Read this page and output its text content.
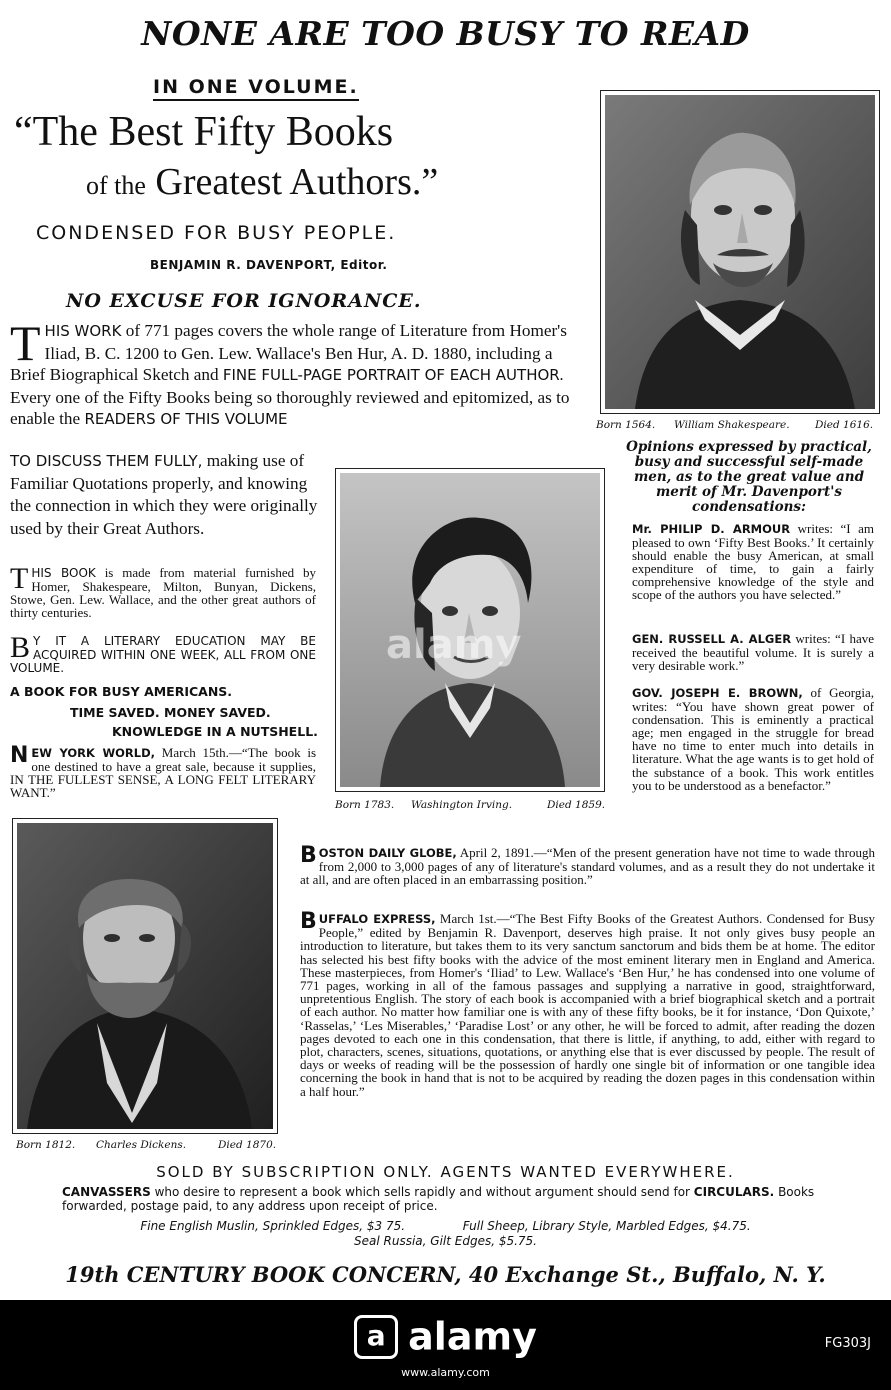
NONE ARE TOO BUSY TO READ
IN ONE VOLUME.
“The Best Fifty Books
of the Greatest Authors.”
CONDENSED FOR BUSY PEOPLE.
BENJAMIN R. DAVENPORT, Editor.
NO EXCUSE FOR IGNORANCE.
THIS WORK of 771 pages covers the whole range of Literature from Homer's Iliad, B. C. 1200 to Gen. Lew. Wallace's Ben Hur, A. D. 1880, including a Brief Biographical Sketch and FINE FULL-PAGE PORTRAIT OF EACH AUTHOR. Every one of the Fifty Books being so thoroughly reviewed and epitomized, as to enable the READERS OF THIS VOLUME
TO DISCUSS THEM FULLY, making use of Familiar Quotations properly, and knowing the connection in which they were originally used by their Great Authors.
THIS BOOK is made from material furnished by Homer, Shakespeare, Milton, Bunyan, Dickens, Stowe, Gen. Lew. Wallace, and the other great authors of thirty centuries.
B Y IT A LITERARY EDUCATION MAY BE ACQUIRED WITHIN ONE WEEK, ALL FROM ONE VOLUME.
A BOOK FOR BUSY AMERICANS.
TIME SAVED. MONEY SAVED.
KNOWLEDGE IN A NUTSHELL.
NEW YORK WORLD, March 15th.—“The book is one destined to have a great sale, because it supplies, IN THE FULLEST SENSE, A LONG FELT LITERARY WANT.”
Born 1564. William Shakespeare. Died 1616.
alamy
Born 1783. Washington Irving.	Died 1859.
Born 1812. Charles Dickens.	Died 1870.
Opinions expressed by practical, busy and successful self-made men, as to the great value and merit of Mr. Davenport's condensations:
Mr. PHILIP D. ARMOUR writes: “I am pleased to own ‘Fifty Best Books.’ It certainly should enable the busy American, at small expenditure of time, to gain a fairly comprehensive knowledge of the style and scope of the authors you have selected.”
GEN. RUSSELL A. ALGER writes: “I have received the beautiful volume. It is surely a very desirable work.”
GOV. JOSEPH E. BROWN, of Georgia, writes: “You have shown great power of condensation. This is eminently a practical age; men engaged in the struggle for bread have no time to enter much into details in literature. What the age wants is to get hold of the substance of a book. This work entitles you to be understood as a benefactor.”
BOSTON DAILY GLOBE, April 2, 1891.—“Men of the present generation have not time to wade through from 2,000 to 3,000 pages of any of literature's standard volumes, and as a result they do not undertake it at all, and are often placed in an embarrassing position.”
BUFFALO EXPRESS, March 1st.—“The Best Fifty Books of the Greatest Authors. Condensed for Busy People,” edited by Benjamin R. Davenport, deserves high praise. It not only gives busy people an introduction to literature, but takes them to its very sanctum sanctorum and bids them be at home. The editor has selected his best fifty books with the advice of the most eminent literary men in England and America. These masterpieces, from Homer's ‘Iliad’ to Lew. Wallace's ‘Ben Hur,’ he has condensed into one volume of 771 pages, working in all of the famous passages and supplying a narrative in good, straightforward, unpretentious English. The story of each book is accompanied with a brief biographical sketch and a portrait of each author. No matter how familiar one is with any of these fifty books, be it for instance, ‘Don Quixote,’ ‘Rasselas,’ ‘Les Miserables,’ ‘Paradise Lost’ or any other, he will be forced to admit, after reading the dozen pages devoted to each one in this condensation, that there is little, if anything, to add, either with regard to plot, characters, scenes, situations, quotations, or anything else that is ever discussed by people. The result of days or weeks of reading will be the possession of hardly one single bit of information or one tangible idea concerning the book in hand that is not to be acquired by reading the dozen pages in this condensation within a half hour.”
SOLD BY SUBSCRIPTION ONLY. AGENTS WANTED EVERYWHERE.
CANVASSERS who desire to represent a book which sells rapidly and without argument should send for CIRCULARS. Books forwarded, postage paid, to any address upon receipt of price.
Fine English Muslin, Sprinkled Edges, $3 75.	Full Sheep, Library Style, Marbled Edges, $4.75.
Seal Russia, Gilt Edges, $5.75.
19th CENTURY BOOK CONCERN, 40 Exchange St., Buffalo, N. Y.
a alamy	FG303J
www.alamy.com
